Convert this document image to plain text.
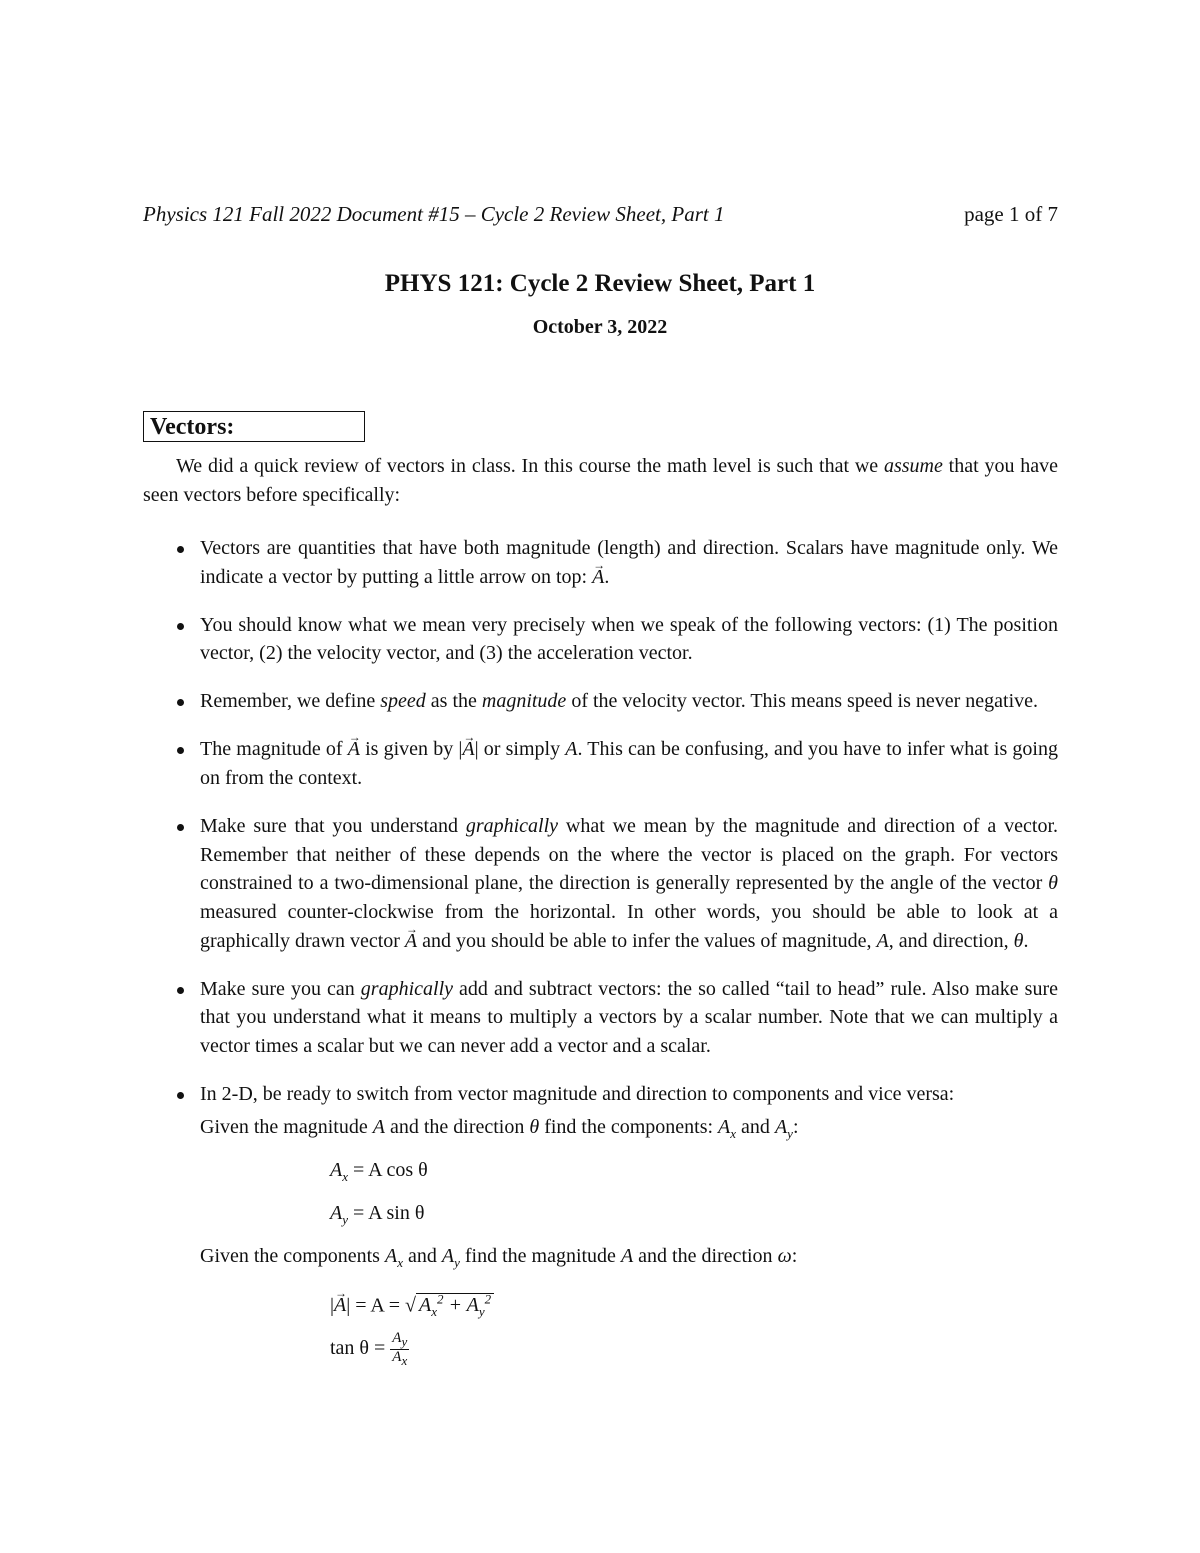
Physics 121 Fall 2022 Document #15 – Cycle 2 Review Sheet, Part 1	page 1 of 7
PHYS 121: Cycle 2 Review Sheet, Part 1
October 3, 2022
Vectors:
We did a quick review of vectors in class. In this course the math level is such that we assume that you have seen vectors before specifically:
Vectors are quantities that have both magnitude (length) and direction. Scalars have magnitude only. We indicate a vector by putting a little arrow on top: → A.
You should know what we mean very precisely when we speak of the following vectors: (1) The position vector, (2) the velocity vector, and (3) the acceleration vector.
Remember, we define speed as the magnitude of the velocity vector. This means speed is never negative.
The magnitude of → A is given by |→ A| or simply A. This can be confusing, and you have to infer what is going on from the context.
Make sure that you understand graphically what we mean by the magnitude and direction of a vector. Remember that neither of these depends on the where the vector is placed on the graph. For vectors constrained to a two-dimensional plane, the direction is generally represented by the angle of the vector θ measured counter-clockwise from the horizontal. In other words, you should be able to look at a graphically drawn vector → A and you should be able to infer the values of magnitude, A, and direction, θ.
Make sure you can graphically add and subtract vectors: the so called “tail to head” rule. Also make sure that you understand what it means to multiply a vectors by a scalar number. Note that we can multiply a vector times a scalar but we can never add a vector and a scalar.
In 2-D, be ready to switch from vector magnitude and direction to components and vice versa:
Given the magnitude A and the direction θ find the components: $A_x$ and $A_y$:
$A_x = A$ cos θ
$A_y = A$ sin θ
Given the components $A_x$ and $A_y$ find the magnitude A and the direction ω:
|→ A| = A = √ $A_x^2 + A_y^2$
$\tan \theta = \frac{A_y}{A_x}$
